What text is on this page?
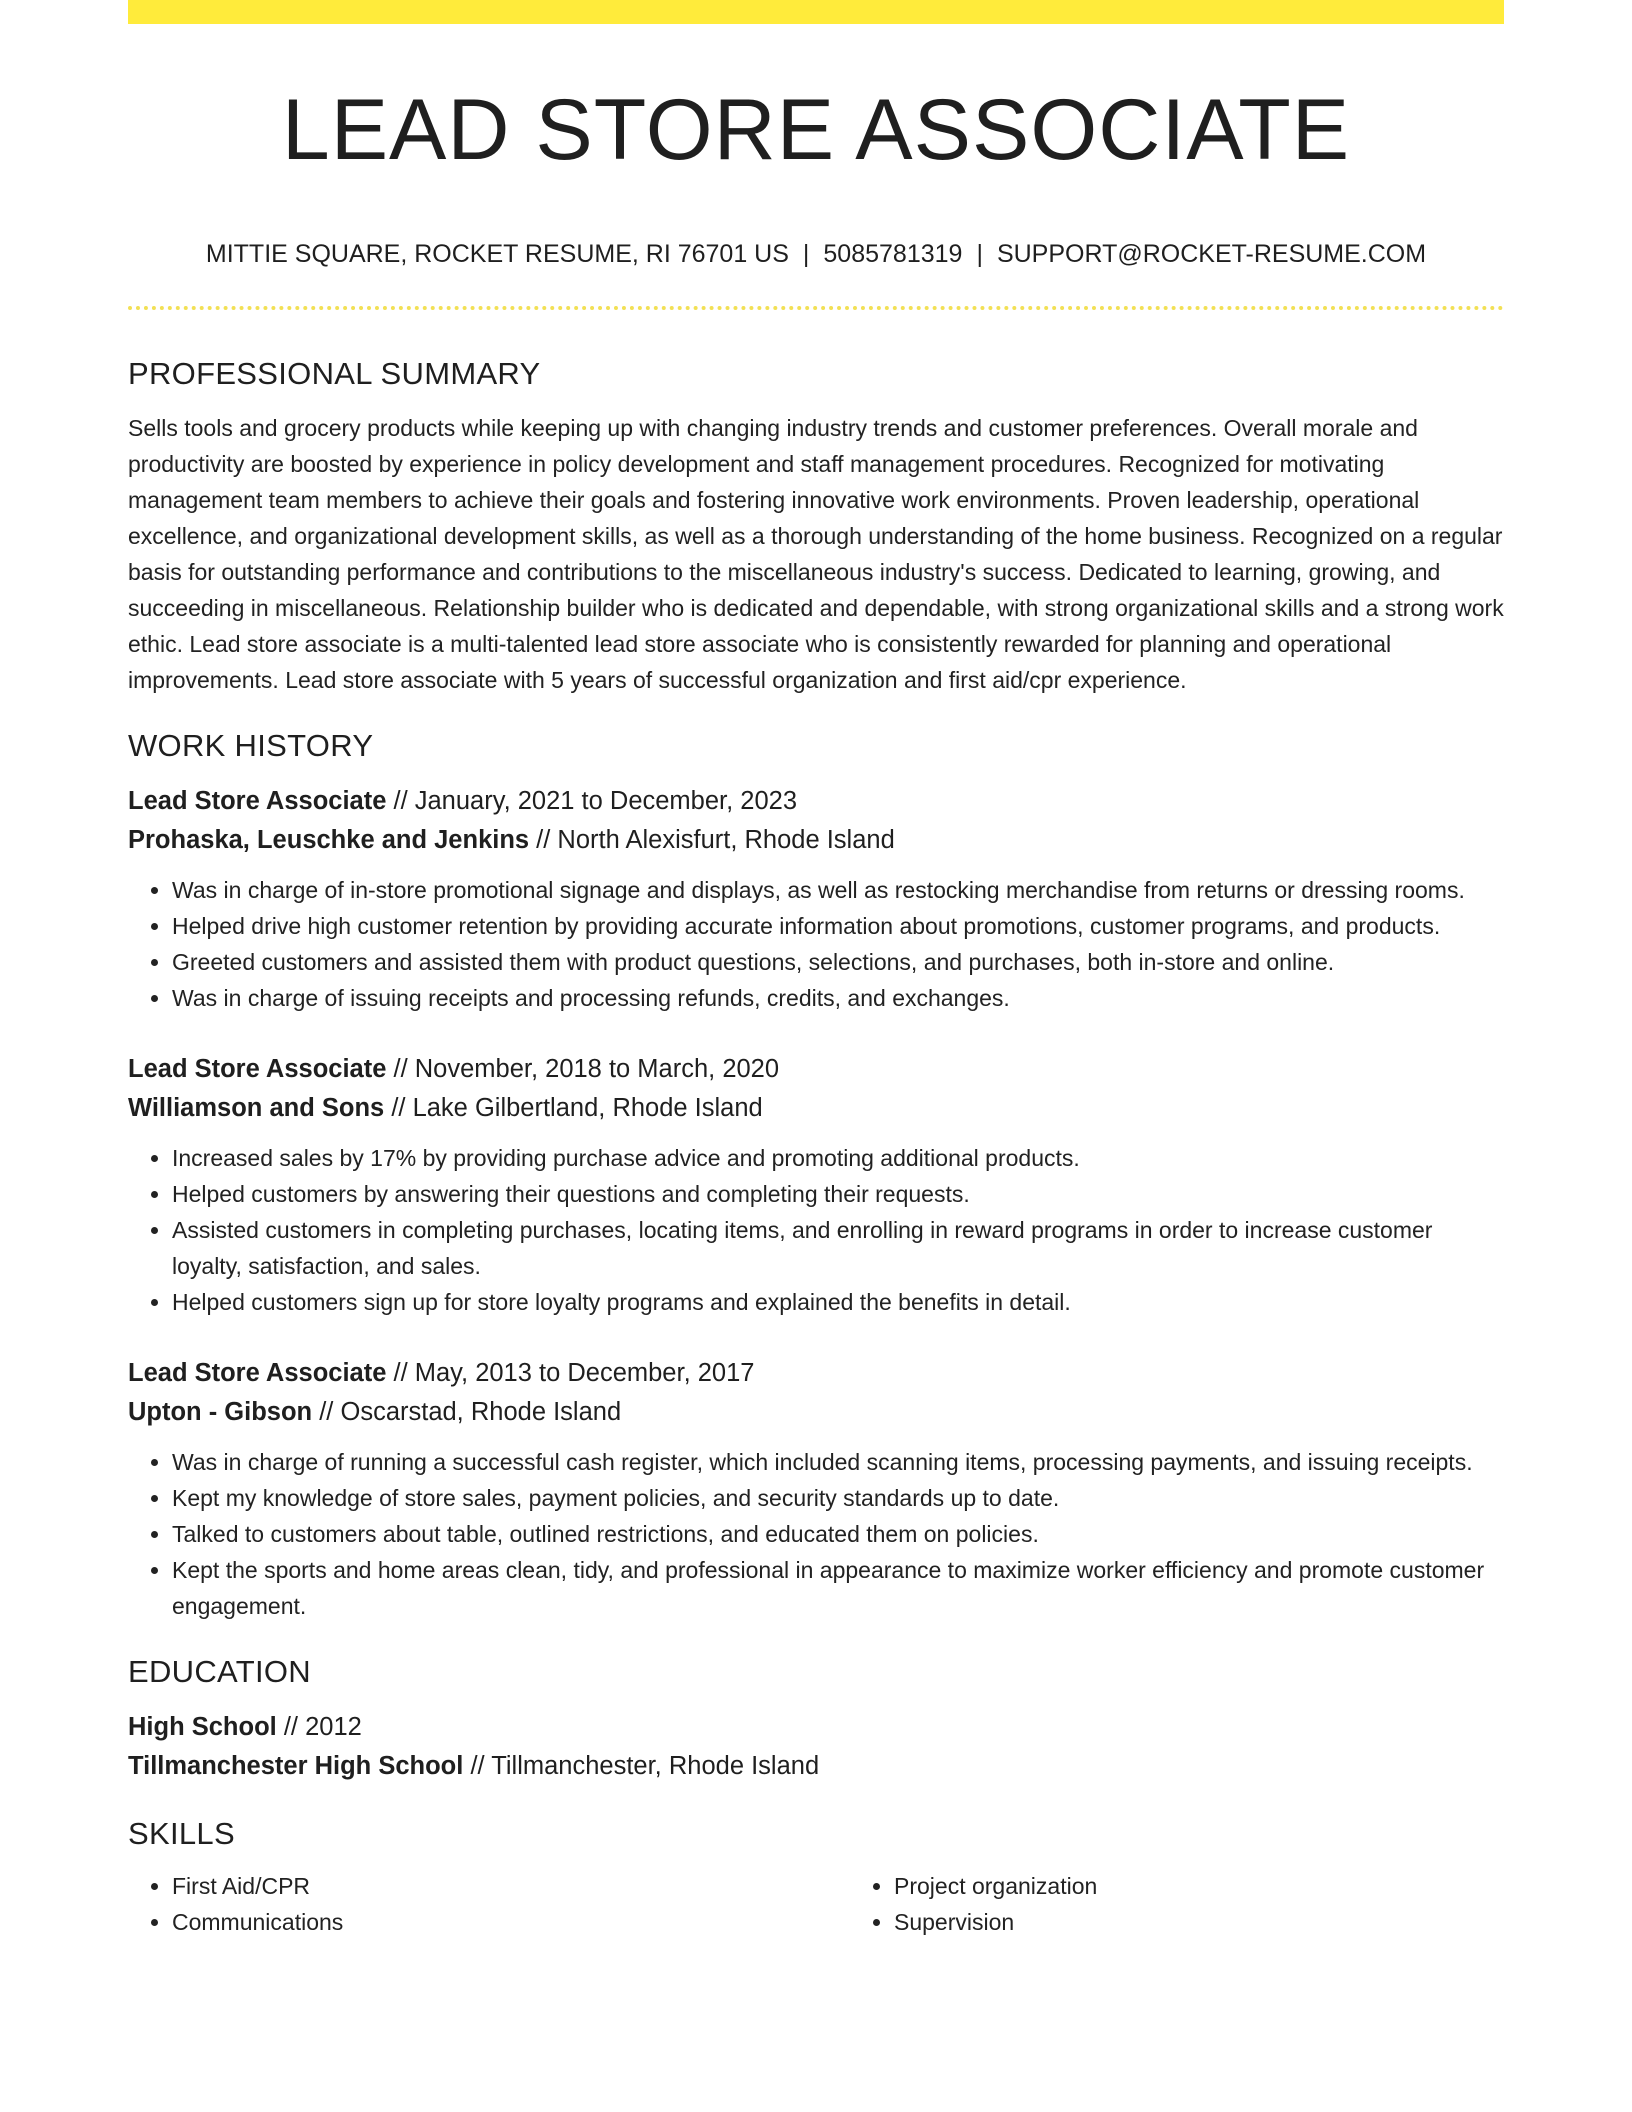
LEAD STORE ASSOCIATE
MITTIE SQUARE, ROCKET RESUME, RI 76701 US | 5085781319 | SUPPORT@ROCKET-RESUME.COM
PROFESSIONAL SUMMARY

Sells tools and grocery products while keeping up with changing industry trends and customer preferences. Overall morale and productivity are boosted by experience in policy development and staff management procedures. Recognized for motivating management team members to achieve their goals and fostering innovative work environments. Proven leadership, operational excellence, and organizational development skills, as well as a thorough understanding of the home business. Recognized on a regular basis for outstanding performance and contributions to the miscellaneous industry's success. Dedicated to learning, growing, and succeeding in miscellaneous. Relationship builder who is dedicated and dependable, with strong organizational skills and a strong work ethic. Lead store associate is a multi-talented lead store associate who is consistently rewarded for planning and operational improvements. Lead store associate with 5 years of successful organization and first aid/cpr experience.

WORK HISTORY
Lead Store Associate // January, 2021 to December, 2023
Prohaska, Leuschke and Jenkins // North Alexisfurt, Rhode Island
• Was in charge of in-store promotional signage and displays, as well as restocking merchandise from returns or dressing rooms.
• Helped drive high customer retention by providing accurate information about promotions, customer programs, and products.
• Greeted customers and assisted them with product questions, selections, and purchases, both in-store and online.
• Was in charge of issuing receipts and processing refunds, credits, and exchanges.
Lead Store Associate // November, 2018 to March, 2020
Williamson and Sons // Lake Gilbertland, Rhode Island
• Increased sales by 17% by providing purchase advice and promoting additional products.
• Helped customers by answering their questions and completing their requests.
• Assisted customers in completing purchases, locating items, and enrolling in reward programs in order to increase customer loyalty, satisfaction, and sales.
• Helped customers sign up for store loyalty programs and explained the benefits in detail.
Lead Store Associate // May, 2013 to December, 2017
Upton - Gibson // Oscarstad, Rhode Island
• Was in charge of running a successful cash register, which included scanning items, processing payments, and issuing receipts.
• Kept my knowledge of store sales, payment policies, and security standards up to date.
• Talked to customers about table, outlined restrictions, and educated them on policies.
• Kept the sports and home areas clean, tidy, and professional in appearance to maximize worker efficiency and promote customer engagement.
EDUCATION
High School // 2012
Tillmanchester High School // Tillmanchester, Rhode Island
SKILLS
• First Aid/CPR
• Communications
• Project organization
• Supervision
